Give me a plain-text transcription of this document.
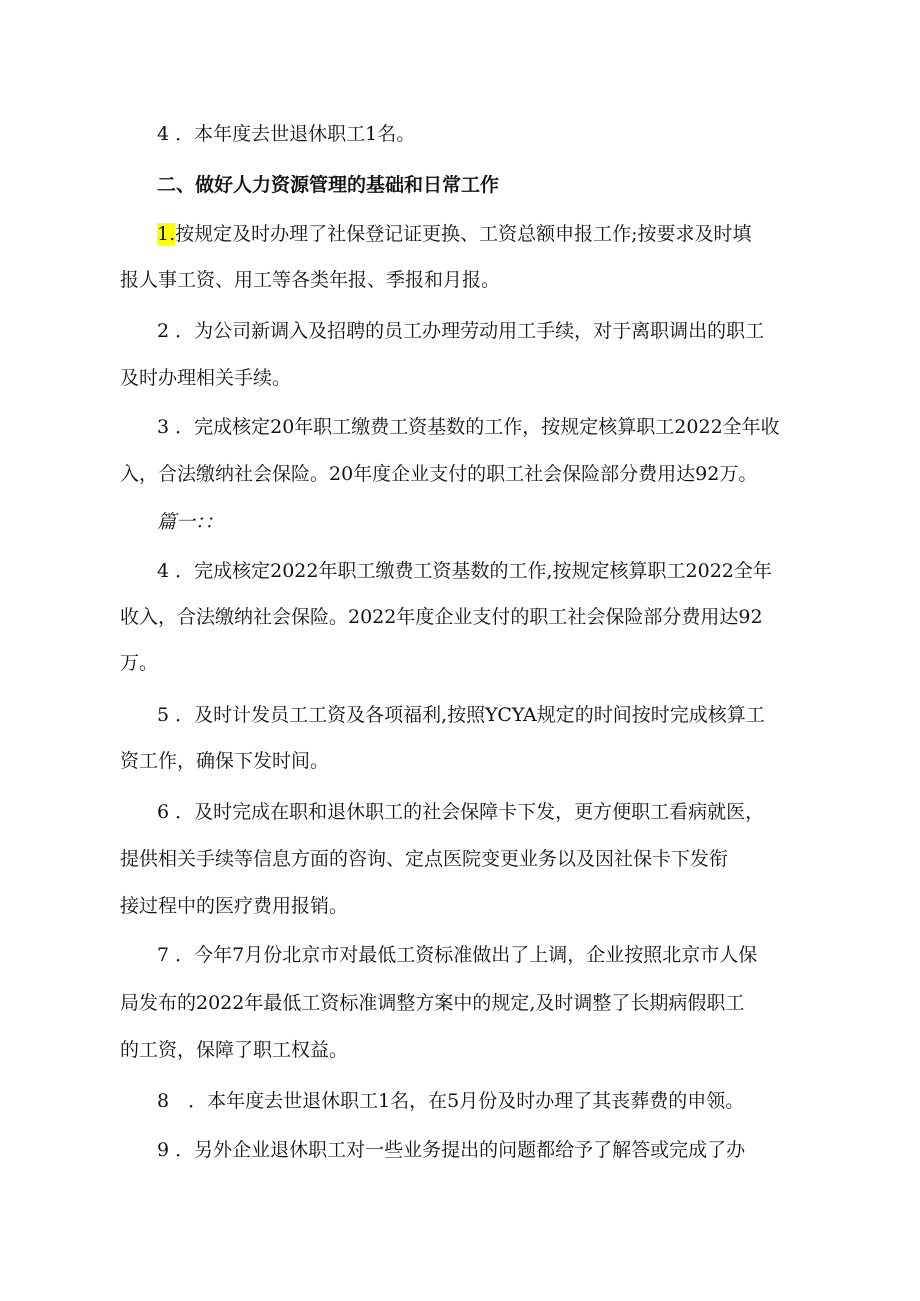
4 ．本年度去世退休职工1名。
二、做好人力资源管理的基础和日常工作
1.按规定及时办理了社保登记证更换、工资总额申报工作;按要求及时填
报人事工资、用工等各类年报、季报和月报。
2 ．为公司新调入及招聘的员工办理劳动用工手续，对于离职调出的职工
及时办理相关手续。
3 ．完成核定20年职工缴费工资基数的工作，按规定核算职工2022全年收
入，合法缴纳社会保险。20年度企业支付的职工社会保险部分费用达92万。
篇一：：
4 ．完成核定2022年职工缴费工资基数的工作,按规定核算职工2022全年
收入，合法缴纳社会保险。2022年度企业支付的职工社会保险部分费用达92
万。
5 ．及时计发员工工资及各项福利,按照YCYA规定的时间按时完成核算工
资工作，确保下发时间。
6 ．及时完成在职和退休职工的社会保障卡下发，更方便职工看病就医，
提供相关手续等信息方面的咨询、定点医院变更业务以及因社保卡下发衔
接过程中的医疗费用报销。
7 ．今年7月份北京市对最低工资标准做出了上调，企业按照北京市人保
局发布的2022年最低工资标准调整方案中的规定,及时调整了长期病假职工
的工资，保障了职工权益。
8　．本年度去世退休职工1名，在5月份及时办理了其丧葬费的申领。
9 ．另外企业退休职工对一些业务提出的问题都给予了解答或完成了办
